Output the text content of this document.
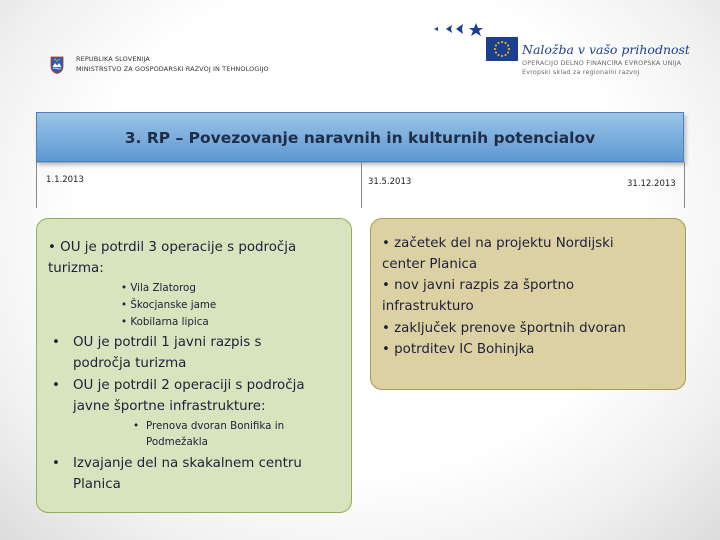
REPUBLIKA SLOVENIJA
MINISTRSTVO ZA GOSPODARSKI RAZVOJ IN TEHNOLOGIJO
Naložba v vašo prihodnost
OPERACIJO DELNO FINANCIRA EVROPSKA UNIJA
Evropski sklad za regionalni razvoj
3. RP – Povezovanje naravnih in kulturnih potencialov
1.1.2013	31.5.2013	31.12.2013
• OU je potrdil 3 operacije s področja
turizma:
• Vila Zlatorog
• Škocjanske jame
• Kobilarna lipica
• OU je potrdil 1 javni razpis s
področja turizma
• OU je potrdil 2 operaciji s področja
javne športne infrastrukture:
• Prenova dvoran Bonifika in
Podmežakla
• Izvajanje del na skakalnem centru
Planica
• začetek del na projektu Nordijski
center Planica
• nov javni razpis za športno
infrastrukturo
• zaključek prenove športnih dvoran
• potrditev IC Bohinjka
